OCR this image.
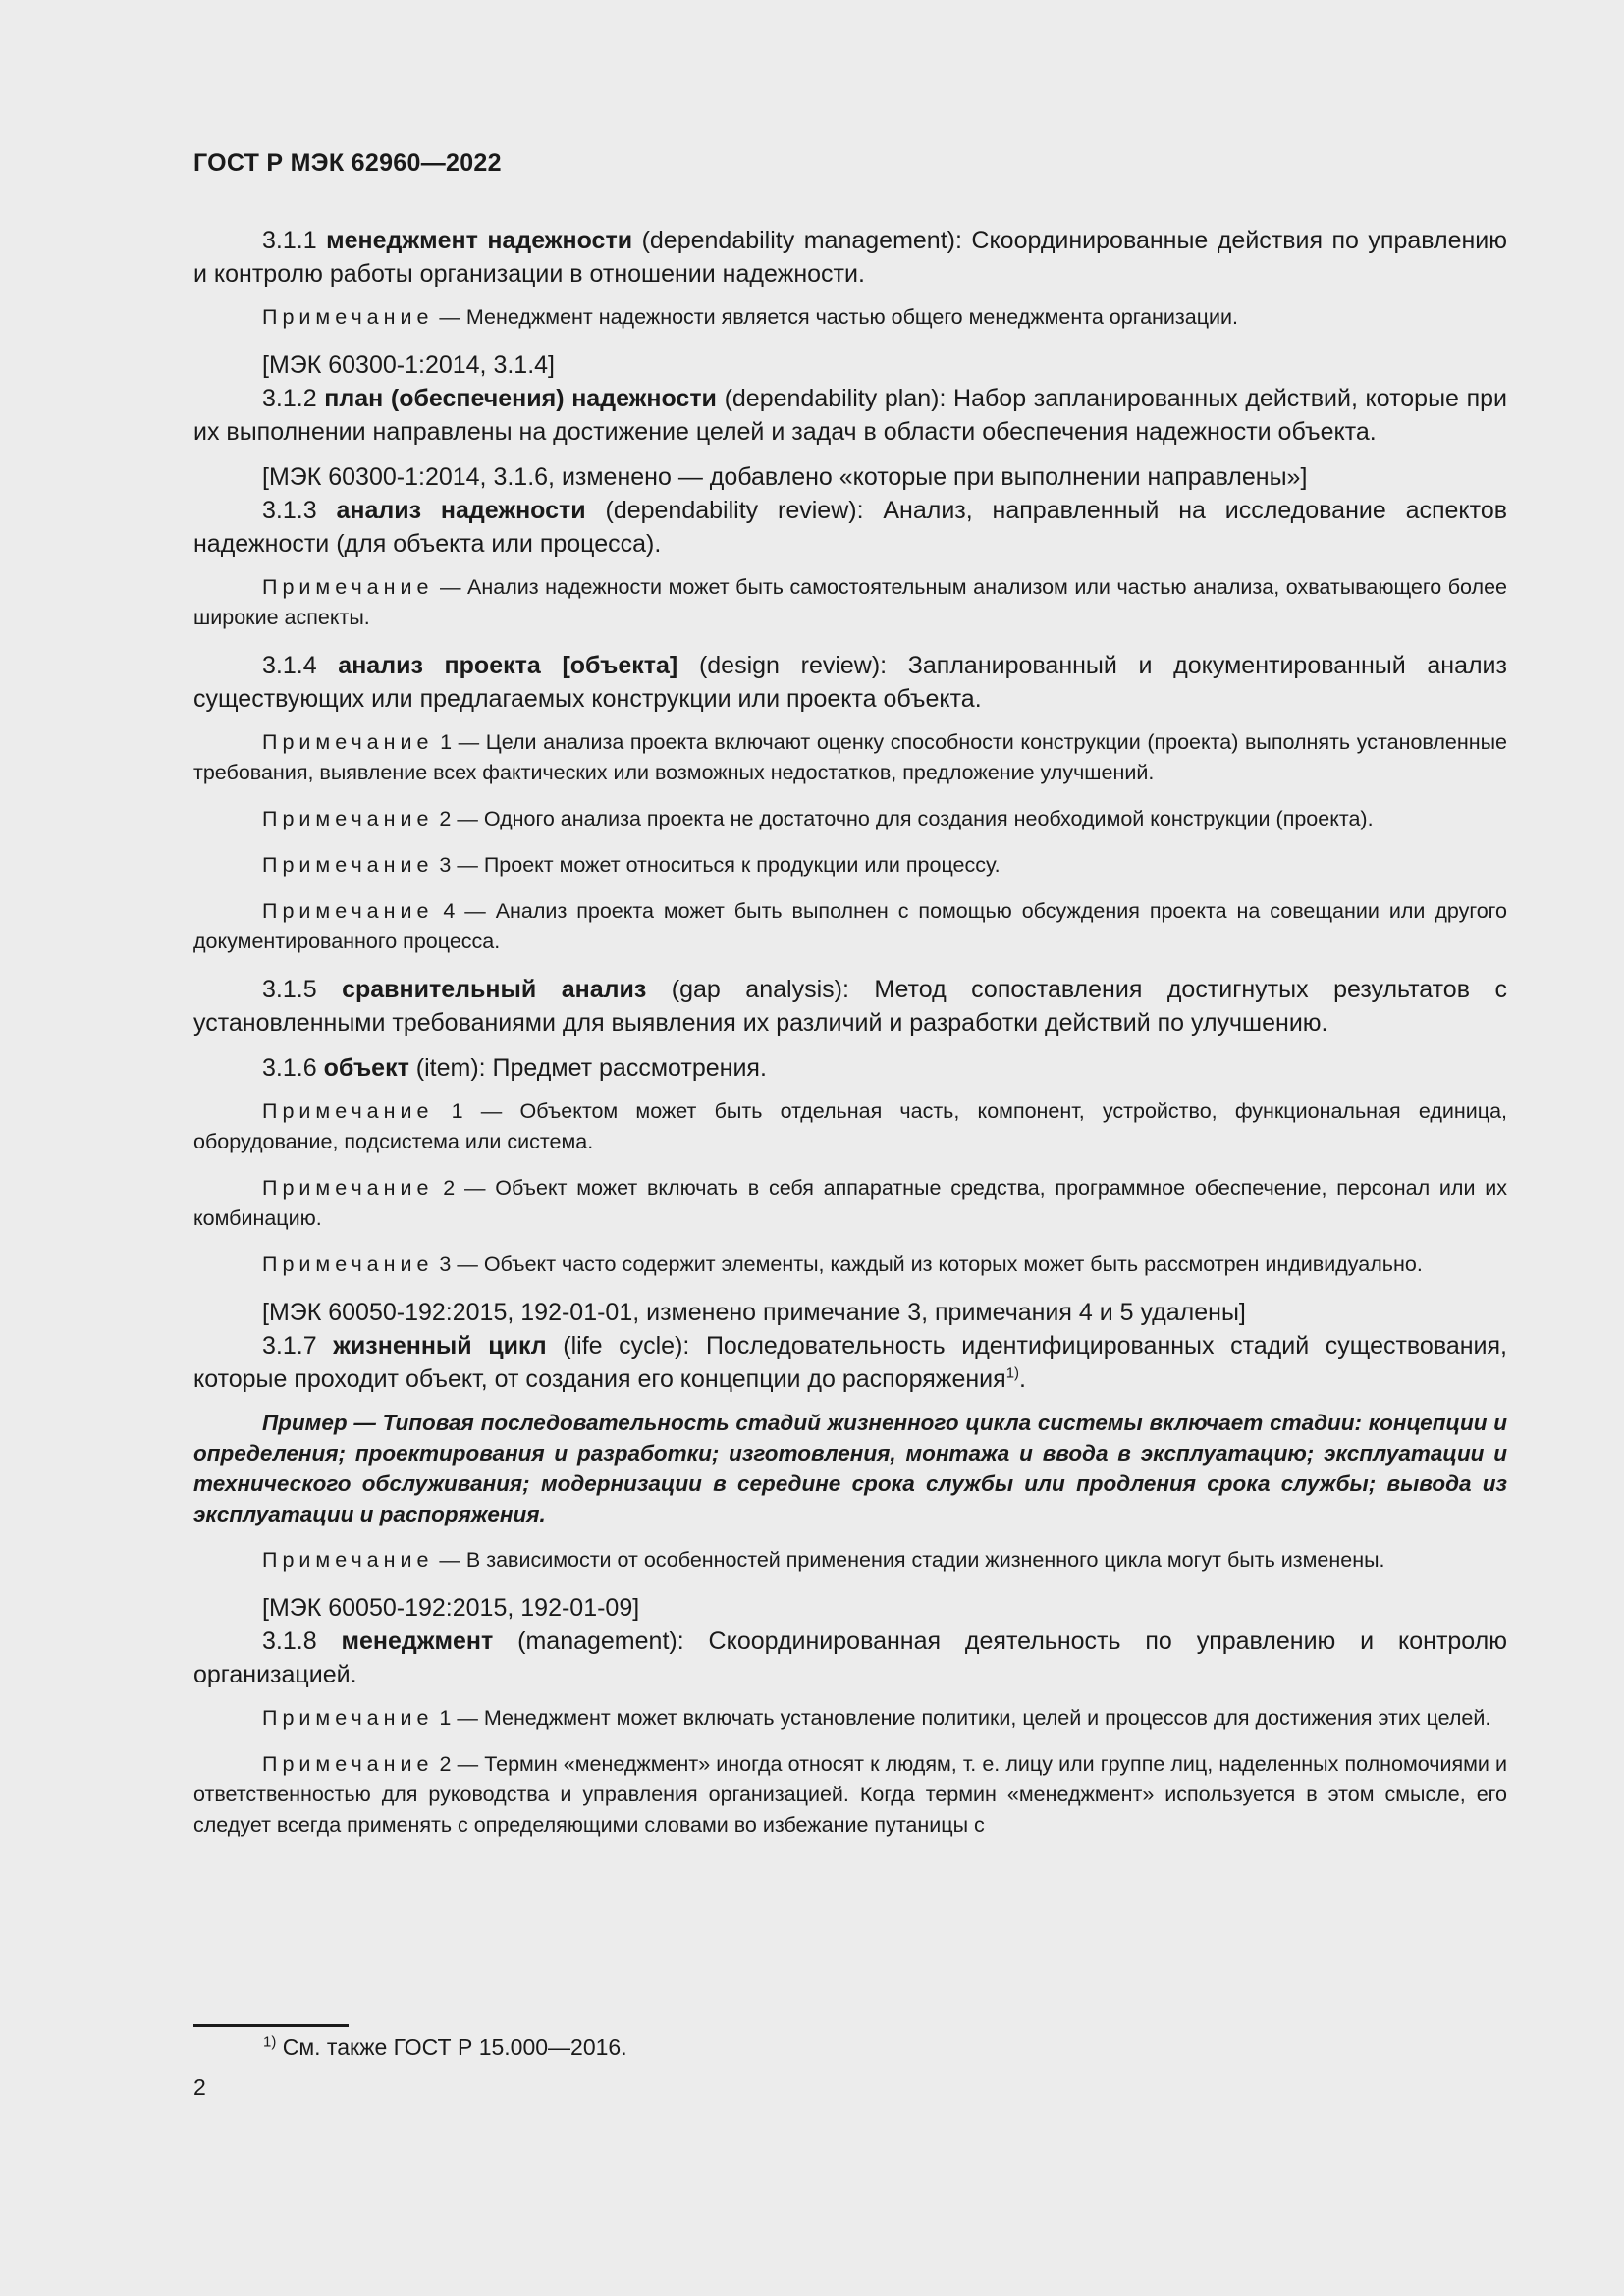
ГОСТ Р МЭК 62960—2022

3.1.1 менеджмент надежности (dependability management): Скоординированные действия по управлению и контролю работы организации в отношении надежности.

Примечание — Менеджмент надежности является частью общего менеджмента организации.

[МЭК 60300-1:2014, 3.1.4]

3.1.2 план (обеспечения) надежности (dependability plan): Набор запланированных действий, которые при их выполнении направлены на достижение целей и задач в области обеспечения надежности объекта.

[МЭК 60300-1:2014, 3.1.6, изменено — добавлено «которые при выполнении направлены»]

3.1.3 анализ надежности (dependability review): Анализ, направленный на исследование аспектов надежности (для объекта или процесса).

Примечание — Анализ надежности может быть самостоятельным анализом или частью анализа, охватывающего более широкие аспекты.

3.1.4 анализ проекта [объекта] (design review): Запланированный и документированный анализ существующих или предлагаемых конструкции или проекта объекта.

Примечание 1 — Цели анализа проекта включают оценку способности конструкции (проекта) выполнять установленные требования, выявление всех фактических или возможных недостатков, предложение улучшений.

Примечание 2 — Одного анализа проекта не достаточно для создания необходимой конструкции (проекта).

Примечание 3 — Проект может относиться к продукции или процессу.

Примечание 4 — Анализ проекта может быть выполнен с помощью обсуждения проекта на совещании или другого документированного процесса.

3.1.5 сравнительный анализ (gap analysis): Метод сопоставления достигнутых результатов с установленными требованиями для выявления их различий и разработки действий по улучшению.

3.1.6 объект (item): Предмет рассмотрения.

Примечание 1 — Объектом может быть отдельная часть, компонент, устройство, функциональная единица, оборудование, подсистема или система.

Примечание 2 — Объект может включать в себя аппаратные средства, программное обеспечение, персонал или их комбинацию.

Примечание 3 — Объект часто содержит элементы, каждый из которых может быть рассмотрен индивидуально.

[МЭК 60050-192:2015, 192-01-01, изменено примечание 3, примечания 4 и 5 удалены]

3.1.7 жизненный цикл (life cycle): Последовательность идентифицированных стадий существования, которые проходит объект, от создания его концепции до распоряжения$^{1)}$.

Пример — Типовая последовательность стадий жизненного цикла системы включает стадии: концепции и определения; проектирования и разработки; изготовления, монтажа и ввода в эксплуатацию; эксплуатации и технического обслуживания; модернизации в середине срока службы или продления срока службы; вывода из эксплуатации и распоряжения.

Примечание — В зависимости от особенностей применения стадии жизненного цикла могут быть изменены.

[МЭК 60050-192:2015, 192-01-09]

3.1.8 менеджмент (management): Скоординированная деятельность по управлению и контролю организацией.

Примечание 1 — Менеджмент может включать установление политики, целей и процессов для достижения этих целей.

Примечание 2 — Термин «менеджмент» иногда относят к людям, т. е. лицу или группе лиц, наделенных полномочиями и ответственностью для руководства и управления организацией. Когда термин «менеджмент» используется в этом смысле, его следует всегда применять с определяющими словами во избежание путаницы с

$^{1)}$ См. также ГОСТ Р 15.000—2016.
2
